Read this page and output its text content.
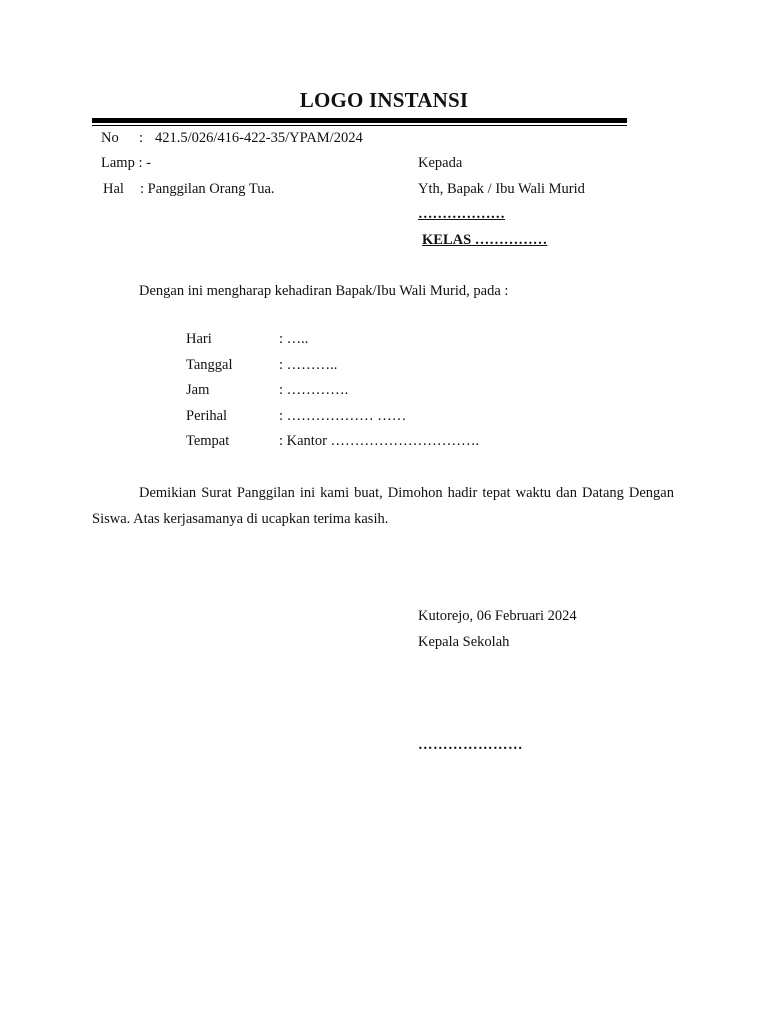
LOGO INSTANSI
No : 421.5/026/416-422-35/YPAM/2024
Lamp : -
Hal : Panggilan Orang Tua.
Kepada
Yth, Bapak / Ibu Wali Murid
………………
KELAS ……………
Dengan ini mengharap kehadiran Bapak/Ibu Wali Murid, pada :
Hari	: …..
Tanggal	: ………..
Jam	: ………….
Perihal	: ……………… ……
Tempat	: Kantor ………………………….
Demikian Surat Panggilan ini kami buat, Dimohon hadir tepat waktu dan Datang Dengan Siswa. Atas kerjasamanya di ucapkan terima kasih.
Kutorejo, 06 Februari 2024
Kepala Sekolah
…………………
